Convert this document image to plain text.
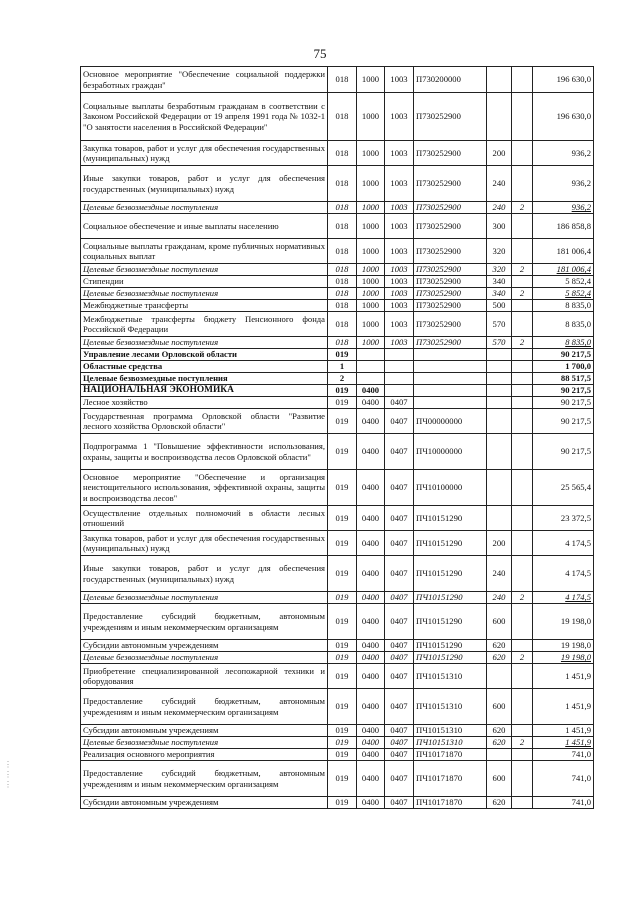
75
Основное мероприятие "Обеспечение социальной поддержки безработных граждан"	018	1000	1003	П730200000			196 630,0
Социальные выплаты безработным гражданам в соответствии с Законом Российской Федерации от 19 апреля 1991 года № 1032-1 "О занятости населения в Российской Федерации"	018	1000	1003	П730252900			196 630,0
Закупка товаров, работ и услуг для обеспечения государственных (муниципальных) нужд	018	1000	1003	П730252900	200		936,2
Иные закупки товаров, работ и услуг для обеспечения государственных (муниципальных) нужд	018	1000	1003	П730252900	240		936,2
Целевые безвозмездные поступления	018	1000	1003	П730252900	240	2	936,2
Социальное обеспечение и иные выплаты населению	018	1000	1003	П730252900	300		186 858,8
Социальные выплаты гражданам, кроме публичных нормативных социальных выплат	018	1000	1003	П730252900	320		181 006,4
Целевые безвозмездные поступления	018	1000	1003	П730252900	320	2	181 006,4
Стипендии	018	1000	1003	П730252900	340		5 852,4
Целевые безвозмездные поступления	018	1000	1003	П730252900	340	2	5 852,4
Межбюджетные трансферты	018	1000	1003	П730252900	500		8 835,0
Межбюджетные трансферты бюджету Пенсионного фонда Российской Федерации	018	1000	1003	П730252900	570		8 835,0
Целевые безвозмездные поступления	018	1000	1003	П730252900	570	2	8 835,0
Управление лесами Орловской области	019						90 217,5
Областные средства	1						1 700,0
Целевые безвозмездные поступления	2						88 517,5
НАЦИОНАЛЬНАЯ ЭКОНОМИКА	019	0400					90 217,5
Лесное хозяйство	019	0400	0407				90 217,5
Государственная программа Орловской области "Развитие лесного хозяйства Орловской области"	019	0400	0407	ПЧ00000000			90 217,5
Подпрограмма 1 "Повышение эффективности использования, охраны, защиты и воспроизводства лесов Орловской области"	019	0400	0407	ПЧ10000000			90 217,5
Основное мероприятие "Обеспечение и организация неистощительного использования, эффективной охраны, защиты и воспроизводства лесов"	019	0400	0407	ПЧ10100000			25 565,4
Осуществление отдельных полномочий в области лесных отношений	019	0400	0407	ПЧ10151290			23 372,5
Закупка товаров, работ и услуг для обеспечения государственных (муниципальных) нужд	019	0400	0407	ПЧ10151290	200		4 174,5
Иные закупки товаров, работ и услуг для обеспечения государственных (муниципальных) нужд	019	0400	0407	ПЧ10151290	240		4 174,5
Целевые безвозмездные поступления	019	0400	0407	ПЧ10151290	240	2	4 174,5
Предоставление субсидий бюджетным, автономным учреждениям и иным некоммерческим организациям	019	0400	0407	ПЧ10151290	600		19 198,0
Субсидии автономным учреждениям	019	0400	0407	ПЧ10151290	620		19 198,0
Целевые безвозмездные поступления	019	0400	0407	ПЧ10151290	620	2	19 198,0
Приобретение специализированной лесопожарной техники и оборудования	019	0400	0407	ПЧ10151310			1 451,9
Предоставление субсидий бюджетным, автономным учреждениям и иным некоммерческим организациям	019	0400	0407	ПЧ10151310	600		1 451,9
Субсидии автономным учреждениям	019	0400	0407	ПЧ10151310	620		1 451,9
Целевые безвозмездные поступления	019	0400	0407	ПЧ10151310	620	2	1 451,9
Реализация основного мероприятия	019	0400	0407	ПЧ10171870			741,0
Предоставление субсидий бюджетным, автономным учреждениям и иным некоммерческим организациям	019	0400	0407	ПЧ10171870	600		741,0
Субсидии автономным учреждениям	019	0400	0407	ПЧ10171870	620		741,0
⋮
⋮
⋮
